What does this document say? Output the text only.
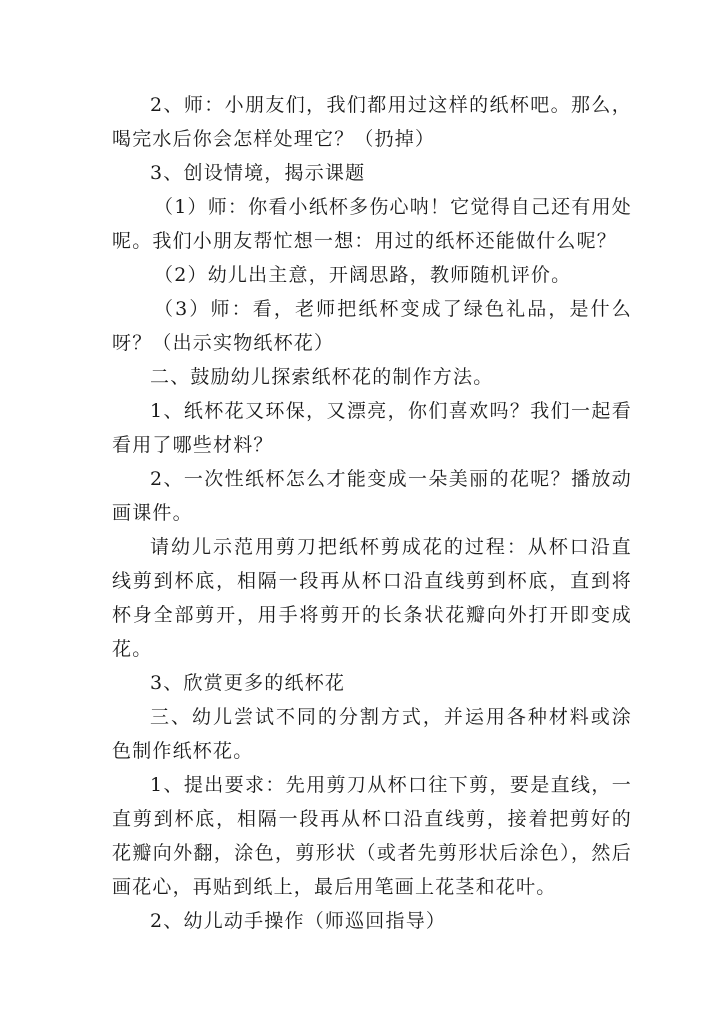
2、师：小朋友们，我们都用过这样的纸杯吧。那么，喝完水后你会怎样处理它？（扔掉）

3、创设情境，揭示课题

（1）师：你看小纸杯多伤心呐！它觉得自己还有用处呢。我们小朋友帮忙想一想：用过的纸杯还能做什么呢？

（2）幼儿出主意，开阔思路，教师随机评价。

（3）师：看，老师把纸杯变成了绿色礼品，是什么呀？（出示实物纸杯花）

二、鼓励幼儿探索纸杯花的制作方法。

1、纸杯花又环保，又漂亮，你们喜欢吗？我们一起看看用了哪些材料？

2、一次性纸杯怎么才能变成一朵美丽的花呢？播放动画课件。

请幼儿示范用剪刀把纸杯剪成花的过程：从杯口沿直线剪到杯底，相隔一段再从杯口沿直线剪到杯底，直到将杯身全部剪开，用手将剪开的长条状花瓣向外打开即变成花。

3、欣赏更多的纸杯花

三、幼儿尝试不同的分割方式，并运用各种材料或涂色制作纸杯花。

1、提出要求：先用剪刀从杯口往下剪，要是直线，一直剪到杯底，相隔一段再从杯口沿直线剪，接着把剪好的花瓣向外翻，涂色，剪形状（或者先剪形状后涂色），然后画花心，再贴到纸上，最后用笔画上花茎和花叶。

2、幼儿动手操作（师巡回指导）
